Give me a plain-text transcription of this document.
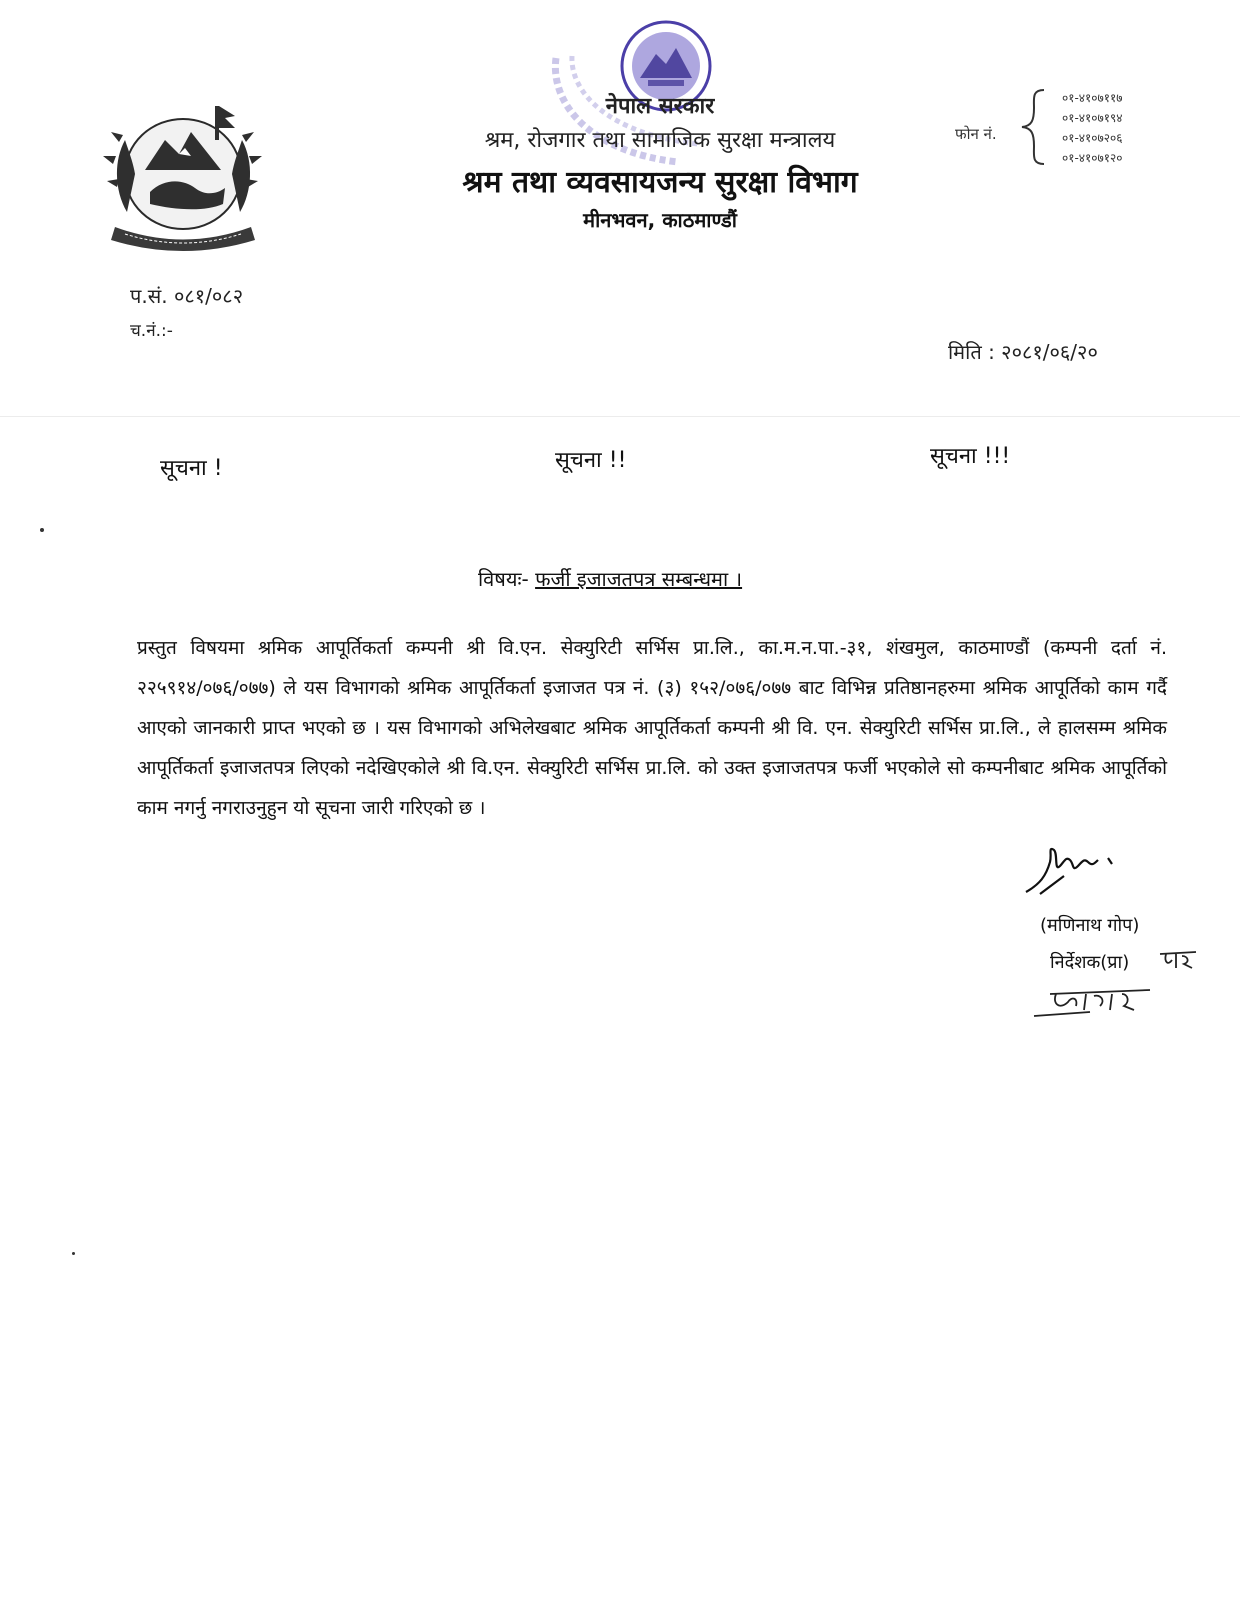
नेपाल सरकार
श्रम, रोजगार तथा सामाजिक सुरक्षा मन्त्रालय
श्रम तथा व्यवसायजन्य सुरक्षा विभाग
मीनभवन, काठमाण्डौं
फोन नं.
०१-४१०७११७
०१-४१०७१९४
०१-४१०७२०६
०१-४१०७१२०
प.सं. ०८१/०८२
च.नं.:-
मिति : २०८१/०६/२०
सूचना !	सूचना !!	सूचना !!!
विषयः- फर्जी इजाजतपत्र सम्बन्धमा ।
प्रस्तुत विषयमा श्रमिक आपूर्तिकर्ता कम्पनी श्री वि.एन. सेक्युरिटी सर्भिस प्रा.लि., का.म.न.पा.-३१, शंखमुल, काठमाण्डौं (कम्पनी दर्ता नं. २२५९१४/०७६/०७७) ले यस विभागको श्रमिक आपूर्तिकर्ता इजाजत पत्र नं. (३) १५२/०७६/०७७ बाट विभिन्न प्रतिष्ठानहरुमा श्रमिक आपूर्तिको काम गर्दै आएको जानकारी प्राप्त भएको छ । यस विभागको अभिलेखबाट श्रमिक आपूर्तिकर्ता कम्पनी श्री वि. एन. सेक्युरिटी सर्भिस प्रा.लि., ले हालसम्म श्रमिक आपूर्तिकर्ता इजाजतपत्र लिएको नदेखिएकोले श्री वि.एन. सेक्युरिटी सर्भिस प्रा.लि. को उक्त इजाजतपत्र फर्जी भएकोले सो कम्पनीबाट श्रमिक आपूर्तिको काम नगर्नु नगराउनुहुन यो सूचना जारी गरिएको छ ।
(मणिनाथ गोप)
निर्देशक(प्रा)
